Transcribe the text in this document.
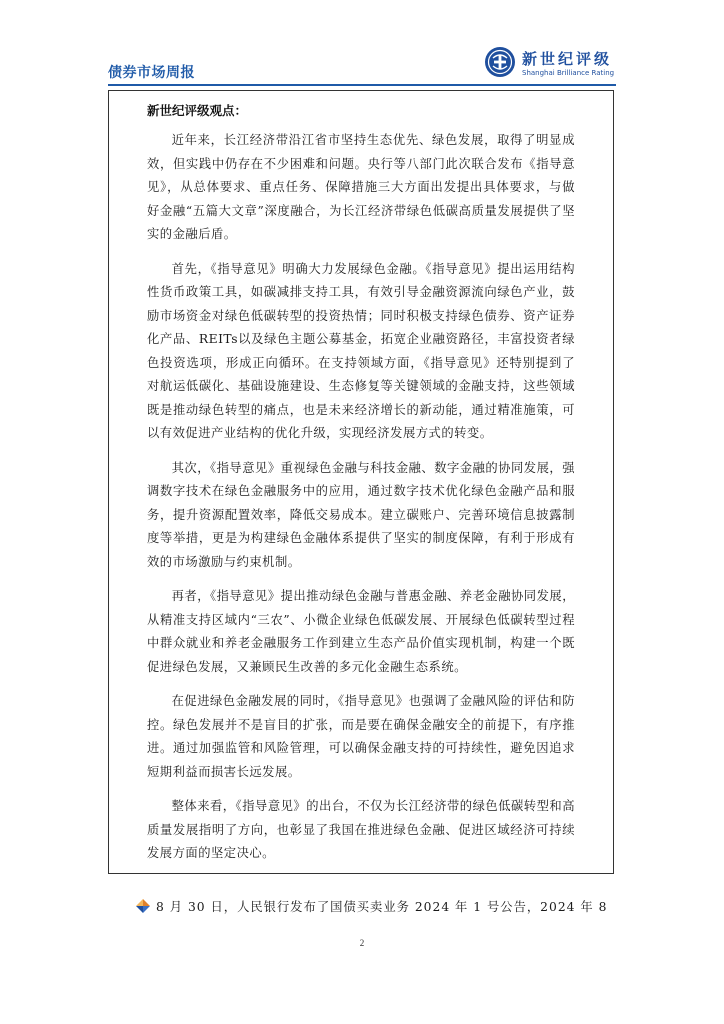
债券市场周报
新世纪评级
Shanghai Brilliance Rating
新世纪评级观点：

近年来，长江经济带沿江省市坚持生态优先、绿色发展，取得了明显成效，但实践中仍存在不少困难和问题。央行等八部门此次联合发布《指导意见》，从总体要求、重点任务、保障措施三大方面出发提出具体要求，与做好金融“五篇大文章”深度融合，为长江经济带绿色低碳高质量发展提供了坚实的金融后盾。

首先，《指导意见》明确大力发展绿色金融。《指导意见》提出运用结构性货币政策工具，如碳减排支持工具，有效引导金融资源流向绿色产业，鼓励市场资金对绿色低碳转型的投资热情；同时积极支持绿色债券、资产证券化产品、REITs以及绿色主题公募基金，拓宽企业融资路径，丰富投资者绿色投资选项，形成正向循环。在支持领域方面，《指导意见》还特别提到了对航运低碳化、基础设施建设、生态修复等关键领域的金融支持，这些领域既是推动绿色转型的痛点，也是未来经济增长的新动能，通过精准施策，可以有效促进产业结构的优化升级，实现经济发展方式的转变。

其次，《指导意见》重视绿色金融与科技金融、数字金融的协同发展，强调数字技术在绿色金融服务中的应用，通过数字技术优化绿色金融产品和服务，提升资源配置效率，降低交易成本。建立碳账户、完善环境信息披露制度等举措，更是为构建绿色金融体系提供了坚实的制度保障，有利于形成有效的市场激励与约束机制。

再者，《指导意见》提出推动绿色金融与普惠金融、养老金融协同发展，从精准支持区域内“三农”、小微企业绿色低碳发展、开展绿色低碳转型过程中群众就业和养老金融服务工作到建立生态产品价值实现机制，构建一个既促进绿色发展，又兼顾民生改善的多元化金融生态系统。

在促进绿色金融发展的同时，《指导意见》也强调了金融风险的评估和防控。绿色发展并不是盲目的扩张，而是要在确保金融安全的前提下，有序推进。通过加强监管和风险管理，可以确保金融支持的可持续性，避免因追求短期利益而损害长远发展。

整体来看，《指导意见》的出台，不仅为长江经济带的绿色低碳转型和高质量发展指明了方向，也彰显了我国在推进绿色金融、促进区域经济可持续发展方面的坚定决心。

8 月 30 日，人民银行发布了国债买卖业务 2024 年 1 号公告，2024 年 8
2
